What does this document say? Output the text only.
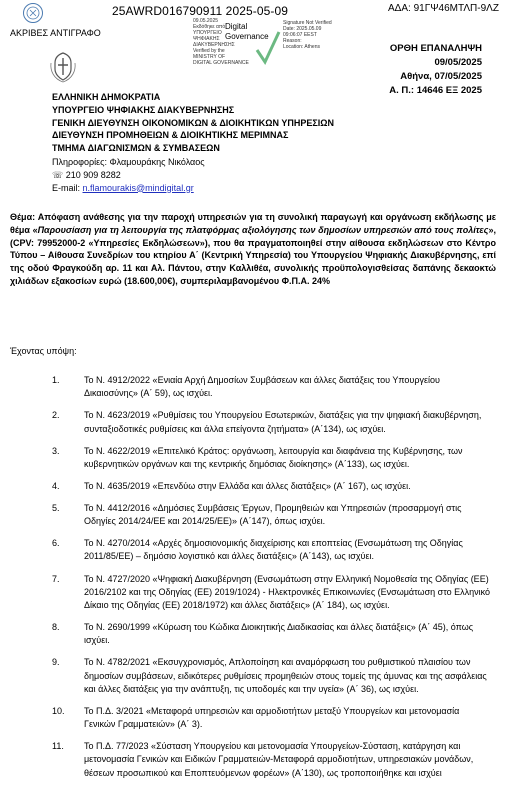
25AWRD016790911 2025-05-09	ΑΔΑ: 91ΓΨ46ΜΤΛΠ-9ΛΖ
ΑΚΡΙΒΕΣ ΑΝΤΙΓΡΑΦΟ
09.05.2025
Εκδόθηκε από
ΥΠΟΥΡΓΕΙΟ ΨΗΦΙΑΚΗΣ
ΔΙΑΚΥΒΕΡΝΗΣΗΣ
Verified by the
MINISTRY OF
DIGITAL GOVERNANCE
Digital
Governance
Signature Not Verified
Date: 2025.05.09
09:06:07 EEST
Reason:
Location: Athens	ΟΡΘΗ ΕΠΑΝΑΛΗΨΗ 09/05/2025
Αθήνα, 07/05/2025
Α. Π.: 14646 ΕΞ 2025
ΕΛΛΗΝΙΚΗ ΔΗΜΟΚΡΑΤΙΑ
ΥΠΟΥΡΓΕΙΟ ΨΗΦΙΑΚΗΣ ΔΙΑΚΥΒΕΡΝΗΣΗΣ
ΓΕΝΙΚΗ ΔΙΕΥΘΥΝΣΗ ΟΙΚΟΝΟΜΙΚΩΝ & ΔΙΟΙΚΗΤΙΚΩΝ ΥΠΗΡΕΣΙΩΝ
ΔΙΕΥΘΥΝΣΗ ΠΡΟΜΗΘΕΙΩΝ & ΔΙΟΙΚΗΤΙΚΗΣ ΜΕΡΙΜΝΑΣ
ΤΜΗΜΑ ΔΙΑΓΩΝΙΣΜΩΝ & ΣΥΜΒΑΣΕΩΝ
Πληροφορίες: Φλαμουράκης Νικόλαος
☏ 210 909 8282
E-mail: n.flamourakis@mindigital.gr
Θέμα: Απόφαση ανάθεσης για την παροχή υπηρεσιών για τη συνολική παραγωγή και οργάνωση εκδήλωσης με θέμα «Παρουσίαση για τη λειτουργία της πλατφόρμας αξιολόγησης των δημοσίων υπηρεσιών από τους πολίτες», (CPV: 79952000-2 «Υπηρεσίες Εκδηλώσεων»), που θα πραγματοποιηθεί στην αίθουσα εκδηλώσεων στο Κέντρο Τύπου – Αίθουσα Συνεδρίων του κτηρίου Α΄ (Κεντρική Υπηρεσία) του Υπουργείου Ψηφιακής Διακυβέρνησης, επί της οδού Φραγκούδη αρ. 11 και Αλ. Πάντου, στην Καλλιθέα, συνολικής προϋπολογισθείσας δαπάνης δεκαοκτώ χιλιάδων εξακοσίων ευρώ (18.600,00€), συμπεριλαμβανομένου Φ.Π.Α. 24%
Έχοντας υπόψη:
1.	Το Ν. 4912/2022 «Ενιαία Αρχή Δημοσίων Συμβάσεων και άλλες διατάξεις του Υπουργείου Δικαιοσύνης» (Α΄ 59), ως ισχύει.
2.	Το Ν. 4623/2019 «Ρυθμίσεις του Υπουργείου Εσωτερικών, διατάξεις για την ψηφιακή διακυβέρνηση, συνταξιοδοτικές ρυθμίσεις και άλλα επείγοντα ζητήματα» (Α΄134), ως ισχύει.
3.	Το Ν. 4622/2019 «Επιτελικό Κράτος: οργάνωση, λειτουργία και διαφάνεια της Κυβέρνησης, των κυβερνητικών οργάνων και της κεντρικής δημόσιας διοίκησης» (Α΄133), ως ισχύει.
4.	Το Ν. 4635/2019 «Επενδύω στην Ελλάδα και άλλες διατάξεις» (Α΄ 167), ως ισχύει.
5.	Το Ν. 4412/2016 «Δημόσιες Συμβάσεις Έργων, Προμηθειών και Υπηρεσιών (προσαρμογή στις Οδηγίες 2014/24/ΕΕ και 2014/25/ΕΕ)» (Α΄147), όπως ισχύει.
6.	Το Ν. 4270/2014 «Αρχές δημοσιονομικής διαχείρισης και εποπτείας (Ενσωμάτωση της Οδηγίας 2011/85/ΕΕ) – δημόσιο λογιστικό και άλλες διατάξεις» (Α΄143), ως ισχύει.
7.	Το Ν. 4727/2020 «Ψηφιακή Διακυβέρνηση (Ενσωμάτωση στην Ελληνική Νομοθεσία της Οδηγίας (ΕΕ) 2016/2102 και της Οδηγίας (ΕΕ) 2019/1024) - Ηλεκτρονικές Επικοινωνίες (Ενσωμάτωση στο Ελληνικό Δίκαιο της Οδηγίας (ΕΕ) 2018/1972) και άλλες διατάξεις» (Α΄ 184), ως ισχύει.
8.	Το Ν. 2690/1999 «Κύρωση του Κώδικα Διοικητικής Διαδικασίας και άλλες διατάξεις» (Α΄ 45), όπως ισχύει.
9.	Το Ν. 4782/2021 «Εκσυγχρονισμός, Απλοποίηση και αναμόρφωση του ρυθμιστικού πλαισίου των δημοσίων συμβάσεων, ειδικότερες ρυθμίσεις προμηθειών στους τομείς της άμυνας και της ασφάλειας και άλλες διατάξεις για την ανάπτυξη, τις υποδομές και την υγεία» (Α΄ 36), ως ισχύει.
10. Το Π.Δ. 3/2021 «Μεταφορά υπηρεσιών και αρμοδιοτήτων μεταξύ Υπουργείων και μετονομασία Γενικών Γραμματειών» (Α΄ 3).
11. Το Π.Δ. 77/2023 «Σύσταση Υπουργείου και μετονομασία Υπουργείων-Σύσταση, κατάργηση και μετονομασία Γενικών και Ειδικών Γραμματειών-Μεταφορά αρμοδιοτήτων, υπηρεσιακών μονάδων, θέσεων προσωπικού και Εποπτευόμενων φορέων» (Α΄130), ως τροποποιήθηκε και ισχύει
